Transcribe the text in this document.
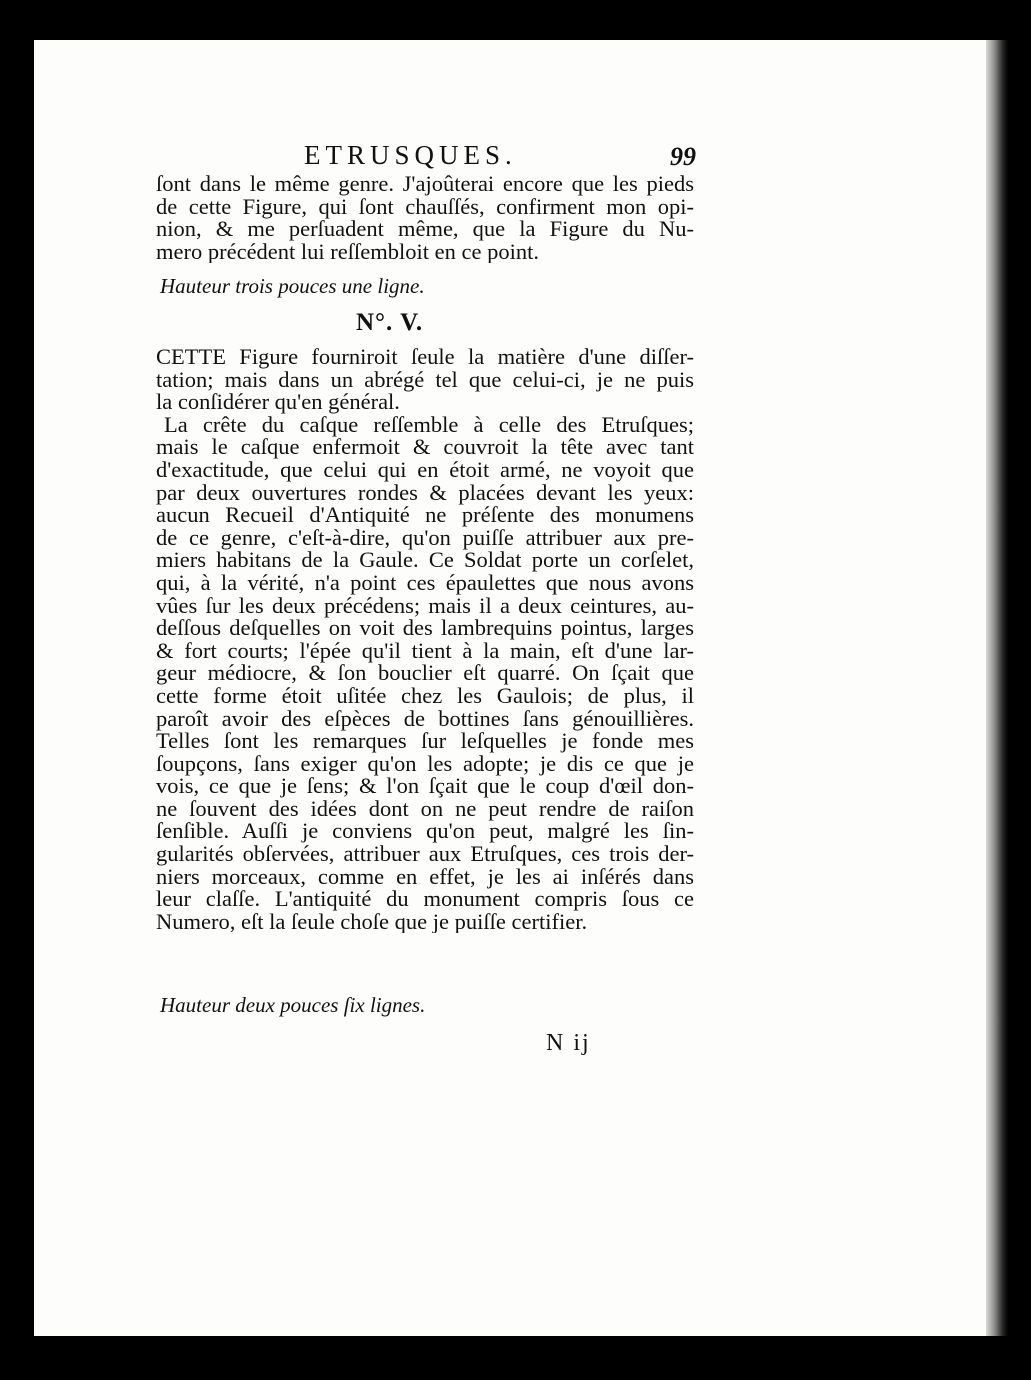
ETRUSQUES.	99
ſont dans le même genre. J'ajoûterai encore que les pieds
de cette Figure, qui ſont chauſſés, confirment mon opi-
nion, & me perſuadent même, que la Figure du Nu-
mero précédent lui reſſembloit en ce point.
Hauteur trois pouces une ligne.
N°. V.
CETTE Figure fourniroit ſeule la matière d'une diſſer-
tation; mais dans un abrégé tel que celui-ci, je ne puis
la conſidérer qu'en général.
La crête du caſque reſſemble à celle des Etruſques;
mais le caſque enfermoit & couvroit la tête avec tant
d'exactitude, que celui qui en étoit armé, ne voyoit que
par deux ouvertures rondes & placées devant les yeux:
aucun Recueil d'Antiquité ne préſente des monumens
de ce genre, c'eſt-à-dire, qu'on puiſſe attribuer aux pre-
miers habitans de la Gaule. Ce Soldat porte un corſelet,
qui, à la vérité, n'a point ces épaulettes que nous avons
vûes ſur les deux précédens; mais il a deux ceintures, au-
deſſous deſquelles on voit des lambrequins pointus, larges
& fort courts; l'épée qu'il tient à la main, eſt d'une lar-
geur médiocre, & ſon bouclier eſt quarré. On ſçait que
cette forme étoit uſitée chez les Gaulois; de plus, il
paroît avoir des eſpèces de bottines ſans génouillières.
Telles ſont les remarques ſur leſquelles je fonde mes
ſoupçons, ſans exiger qu'on les adopte; je dis ce que je
vois, ce que je ſens; & l'on ſçait que le coup d'œil don-
ne ſouvent des idées dont on ne peut rendre de raiſon
ſenſible. Auſſi je conviens qu'on peut, malgré les ſin-
gularités obſervées, attribuer aux Etruſques, ces trois der-
niers morceaux, comme en effet, je les ai inſérés dans
leur claſſe. L'antiquité du monument compris ſous ce
Numero, eſt la ſeule choſe que je puiſſe certifier.
Hauteur deux pouces ſix lignes.
N ij
